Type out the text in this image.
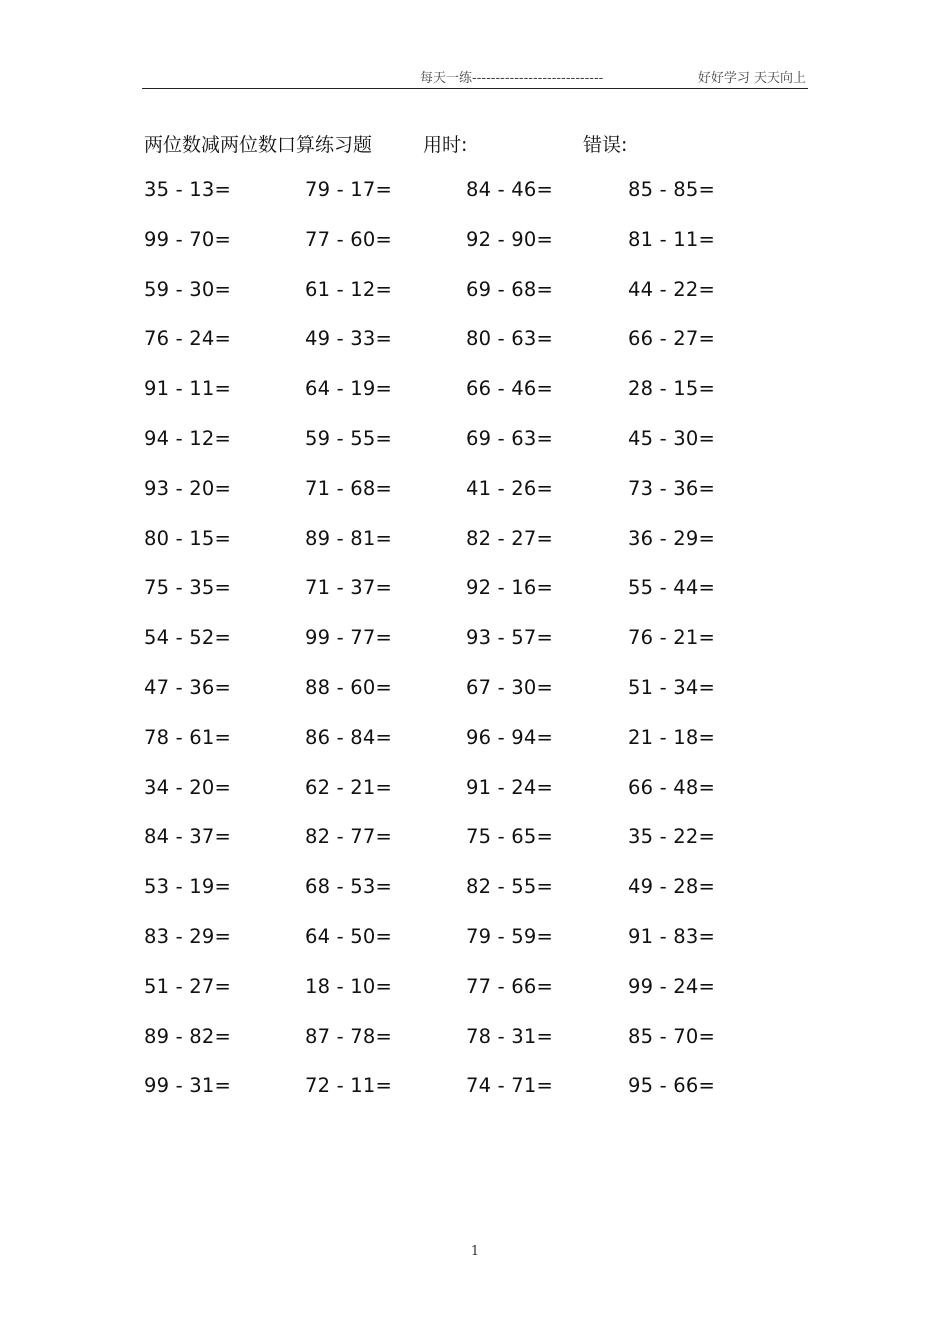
每天一练----------------------------	好好学习 天天向上
两位数减两位数口算练习题	用时:	错误:
35 - 13=	79 - 17=	84 - 46=	85 - 85=
99 - 70=	77 - 60=	92 - 90=	81 - 11=
59 - 30=	61 - 12=	69 - 68=	44 - 22=
76 - 24=	49 - 33=	80 - 63=	66 - 27=
91 - 11=	64 - 19=	66 - 46=	28 - 15=
94 - 12=	59 - 55=	69 - 63=	45 - 30=
93 - 20=	71 - 68=	41 - 26=	73 - 36=
80 - 15=	89 - 81=	82 - 27=	36 - 29=
75 - 35=	71 - 37=	92 - 16=	55 - 44=
54 - 52=	99 - 77=	93 - 57=	76 - 21=
47 - 36=	88 - 60=	67 - 30=	51 - 34=
78 - 61=	86 - 84=	96 - 94=	21 - 18=
34 - 20=	62 - 21=	91 - 24=	66 - 48=
84 - 37=	82 - 77=	75 - 65=	35 - 22=
53 - 19=	68 - 53=	82 - 55=	49 - 28=
83 - 29=	64 - 50=	79 - 59=	91 - 83=
51 - 27=	18 - 10=	77 - 66=	99 - 24=
89 - 82=	87 - 78=	78 - 31=	85 - 70=
99 - 31=	72 - 11=	74 - 71=	95 - 66=
1
